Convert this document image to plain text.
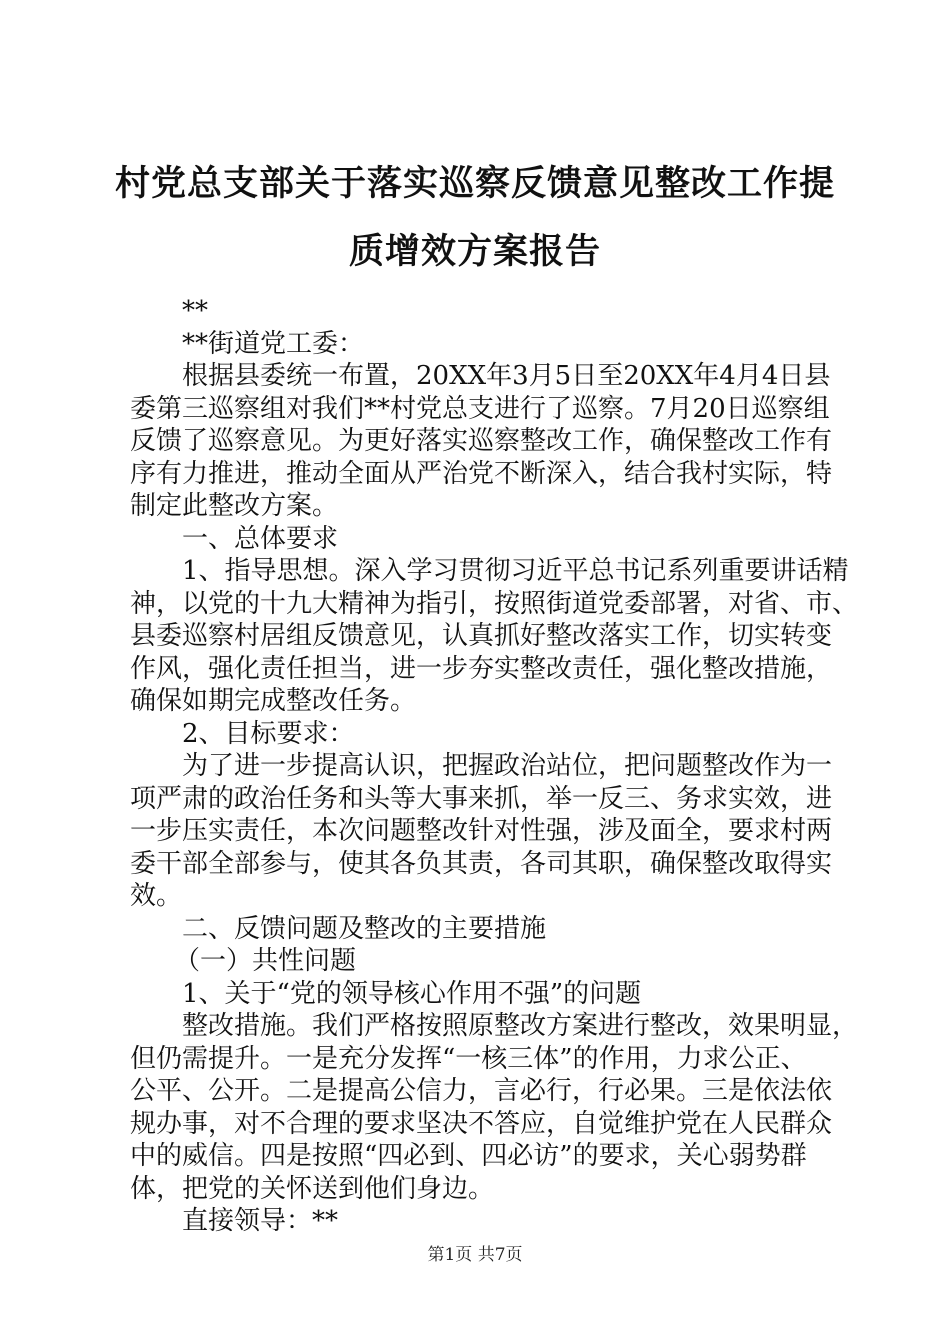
村党总支部关于落实巡察反馈意见整改工作提
质增效方案报告
**
**街道党工委：
根据县委统一布置，20XX年3月5日至20XX年4月4日县
委第三巡察组对我们**村党总支进行了巡察。7月20日巡察组
反馈了巡察意见。为更好落实巡察整改工作，确保整改工作有
序有力推进，推动全面从严治党不断深入，结合我村实际，特
制定此整改方案。
一、总体要求
1、指导思想。深入学习贯彻习近平总书记系列重要讲话精
神，以党的十九大精神为指引，按照街道党委部署，对省、市、
县委巡察村居组反馈意见，认真抓好整改落实工作，切实转变
作风，强化责任担当，进一步夯实整改责任，强化整改措施，
确保如期完成整改任务。
2、目标要求：
为了进一步提高认识，把握政治站位，把问题整改作为一
项严肃的政治任务和头等大事来抓，举一反三、务求实效，进
一步压实责任，本次问题整改针对性强，涉及面全，要求村两
委干部全部参与，使其各负其责，各司其职，确保整改取得实
效。
二、反馈问题及整改的主要措施
（一）共性问题
1、关于“党的领导核心作用不强”的问题
整改措施。我们严格按照原整改方案进行整改，效果明显，
但仍需提升。一是充分发挥“一核三体”的作用，力求公正、
公平、公开。二是提高公信力，言必行，行必果。三是依法依
规办事，对不合理的要求坚决不答应，自觉维护党在人民群众
中的威信。四是按照“四必到、四必访”的要求，关心弱势群
体，把党的关怀送到他们身边。
直接领导：**
第1页 共7页
